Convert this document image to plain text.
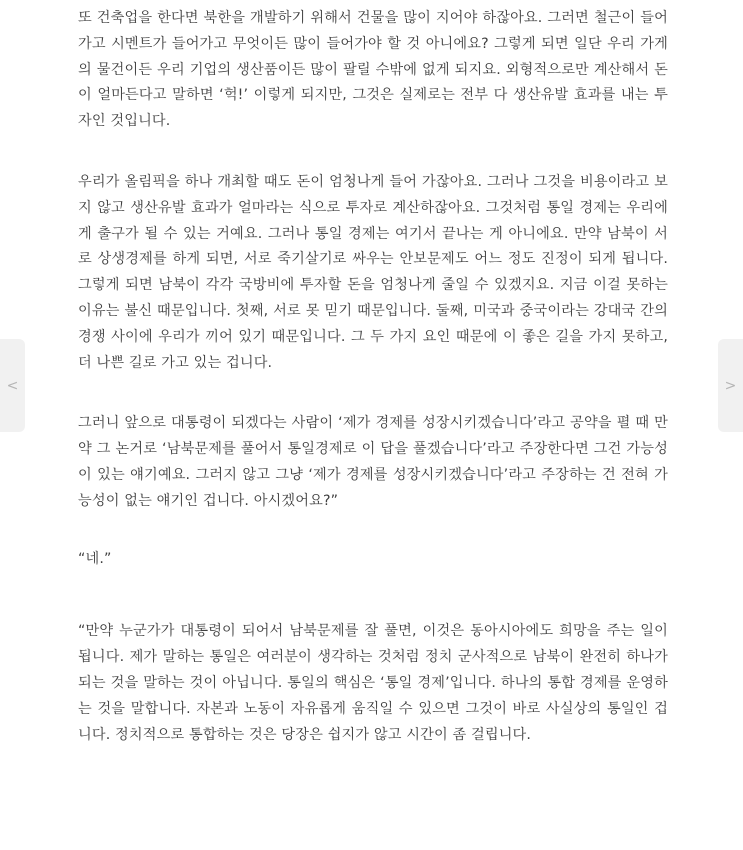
<	>

또 건축업을 한다면 북한을 개발하기 위해서 건물을 많이 지어야 하잖아요. 그러면 철근이 들어가고 시멘트가 들어가고 무엇이든 많이 들어가야 할 것 아니에요? 그렇게 되면 일단 우리 가게의 물건이든 우리 기업의 생산품이든 많이 팔릴 수밖에 없게 되지요. 외형적으로만 계산해서 돈이 얼마든다고 말하면 ‘헉!’ 이렇게 되지만, 그것은 실제로는 전부 다 생산유발 효과를 내는 투자인 것입니다.

우리가 올림픽을 하나 개최할 때도 돈이 엄청나게 들어 가잖아요. 그러나 그것을 비용이라고 보지 않고 생산유발 효과가 얼마라는 식으로 투자로 계산하잖아요. 그것처럼 통일 경제는 우리에게 출구가 될 수 있는 거예요. 그러나 통일 경제는 여기서 끝나는 게 아니에요. 만약 남북이 서로 상생경제를 하게 되면, 서로 죽기살기로 싸우는 안보문제도 어느 정도 진정이 되게 됩니다. 그렇게 되면 남북이 각각 국방비에 투자할 돈을 엄청나게 줄일 수 있겠지요. 지금 이걸 못하는 이유는 불신 때문입니다. 첫째, 서로 못 믿기 때문입니다. 둘째, 미국과 중국이라는 강대국 간의 경쟁 사이에 우리가 끼어 있기 때문입니다. 그 두 가지 요인 때문에 이 좋은 길을 가지 못하고, 더 나쁜 길로 가고 있는 겁니다.

그러니 앞으로 대통령이 되겠다는 사람이 ‘제가 경제를 성장시키겠습니다’라고 공약을 펼 때 만약 그 논거로 ‘남북문제를 풀어서 통일경제로 이 답을 풀겠습니다’라고 주장한다면 그건 가능성이 있는 얘기예요. 그러지 않고 그냥 ‘제가 경제를 성장시키겠습니다’라고 주장하는 건 전혀 가능성이 없는 얘기인 겁니다. 아시겠어요?”

“네.”

“만약 누군가가 대통령이 되어서 남북문제를 잘 풀면, 이것은 동아시아에도 희망을 주는 일이 됩니다. 제가 말하는 통일은 여러분이 생각하는 것처럼 정치 군사적으로 남북이 완전히 하나가 되는 것을 말하는 것이 아닙니다. 통일의 핵심은 ‘통일 경제’입니다. 하나의 통합 경제를 운영하는 것을 말합니다. 자본과 노동이 자유롭게 움직일 수 있으면 그것이 바로 사실상의 통일인 겁니다. 정치적으로 통합하는 것은 당장은 쉽지가 않고 시간이 좀 걸립니다.
